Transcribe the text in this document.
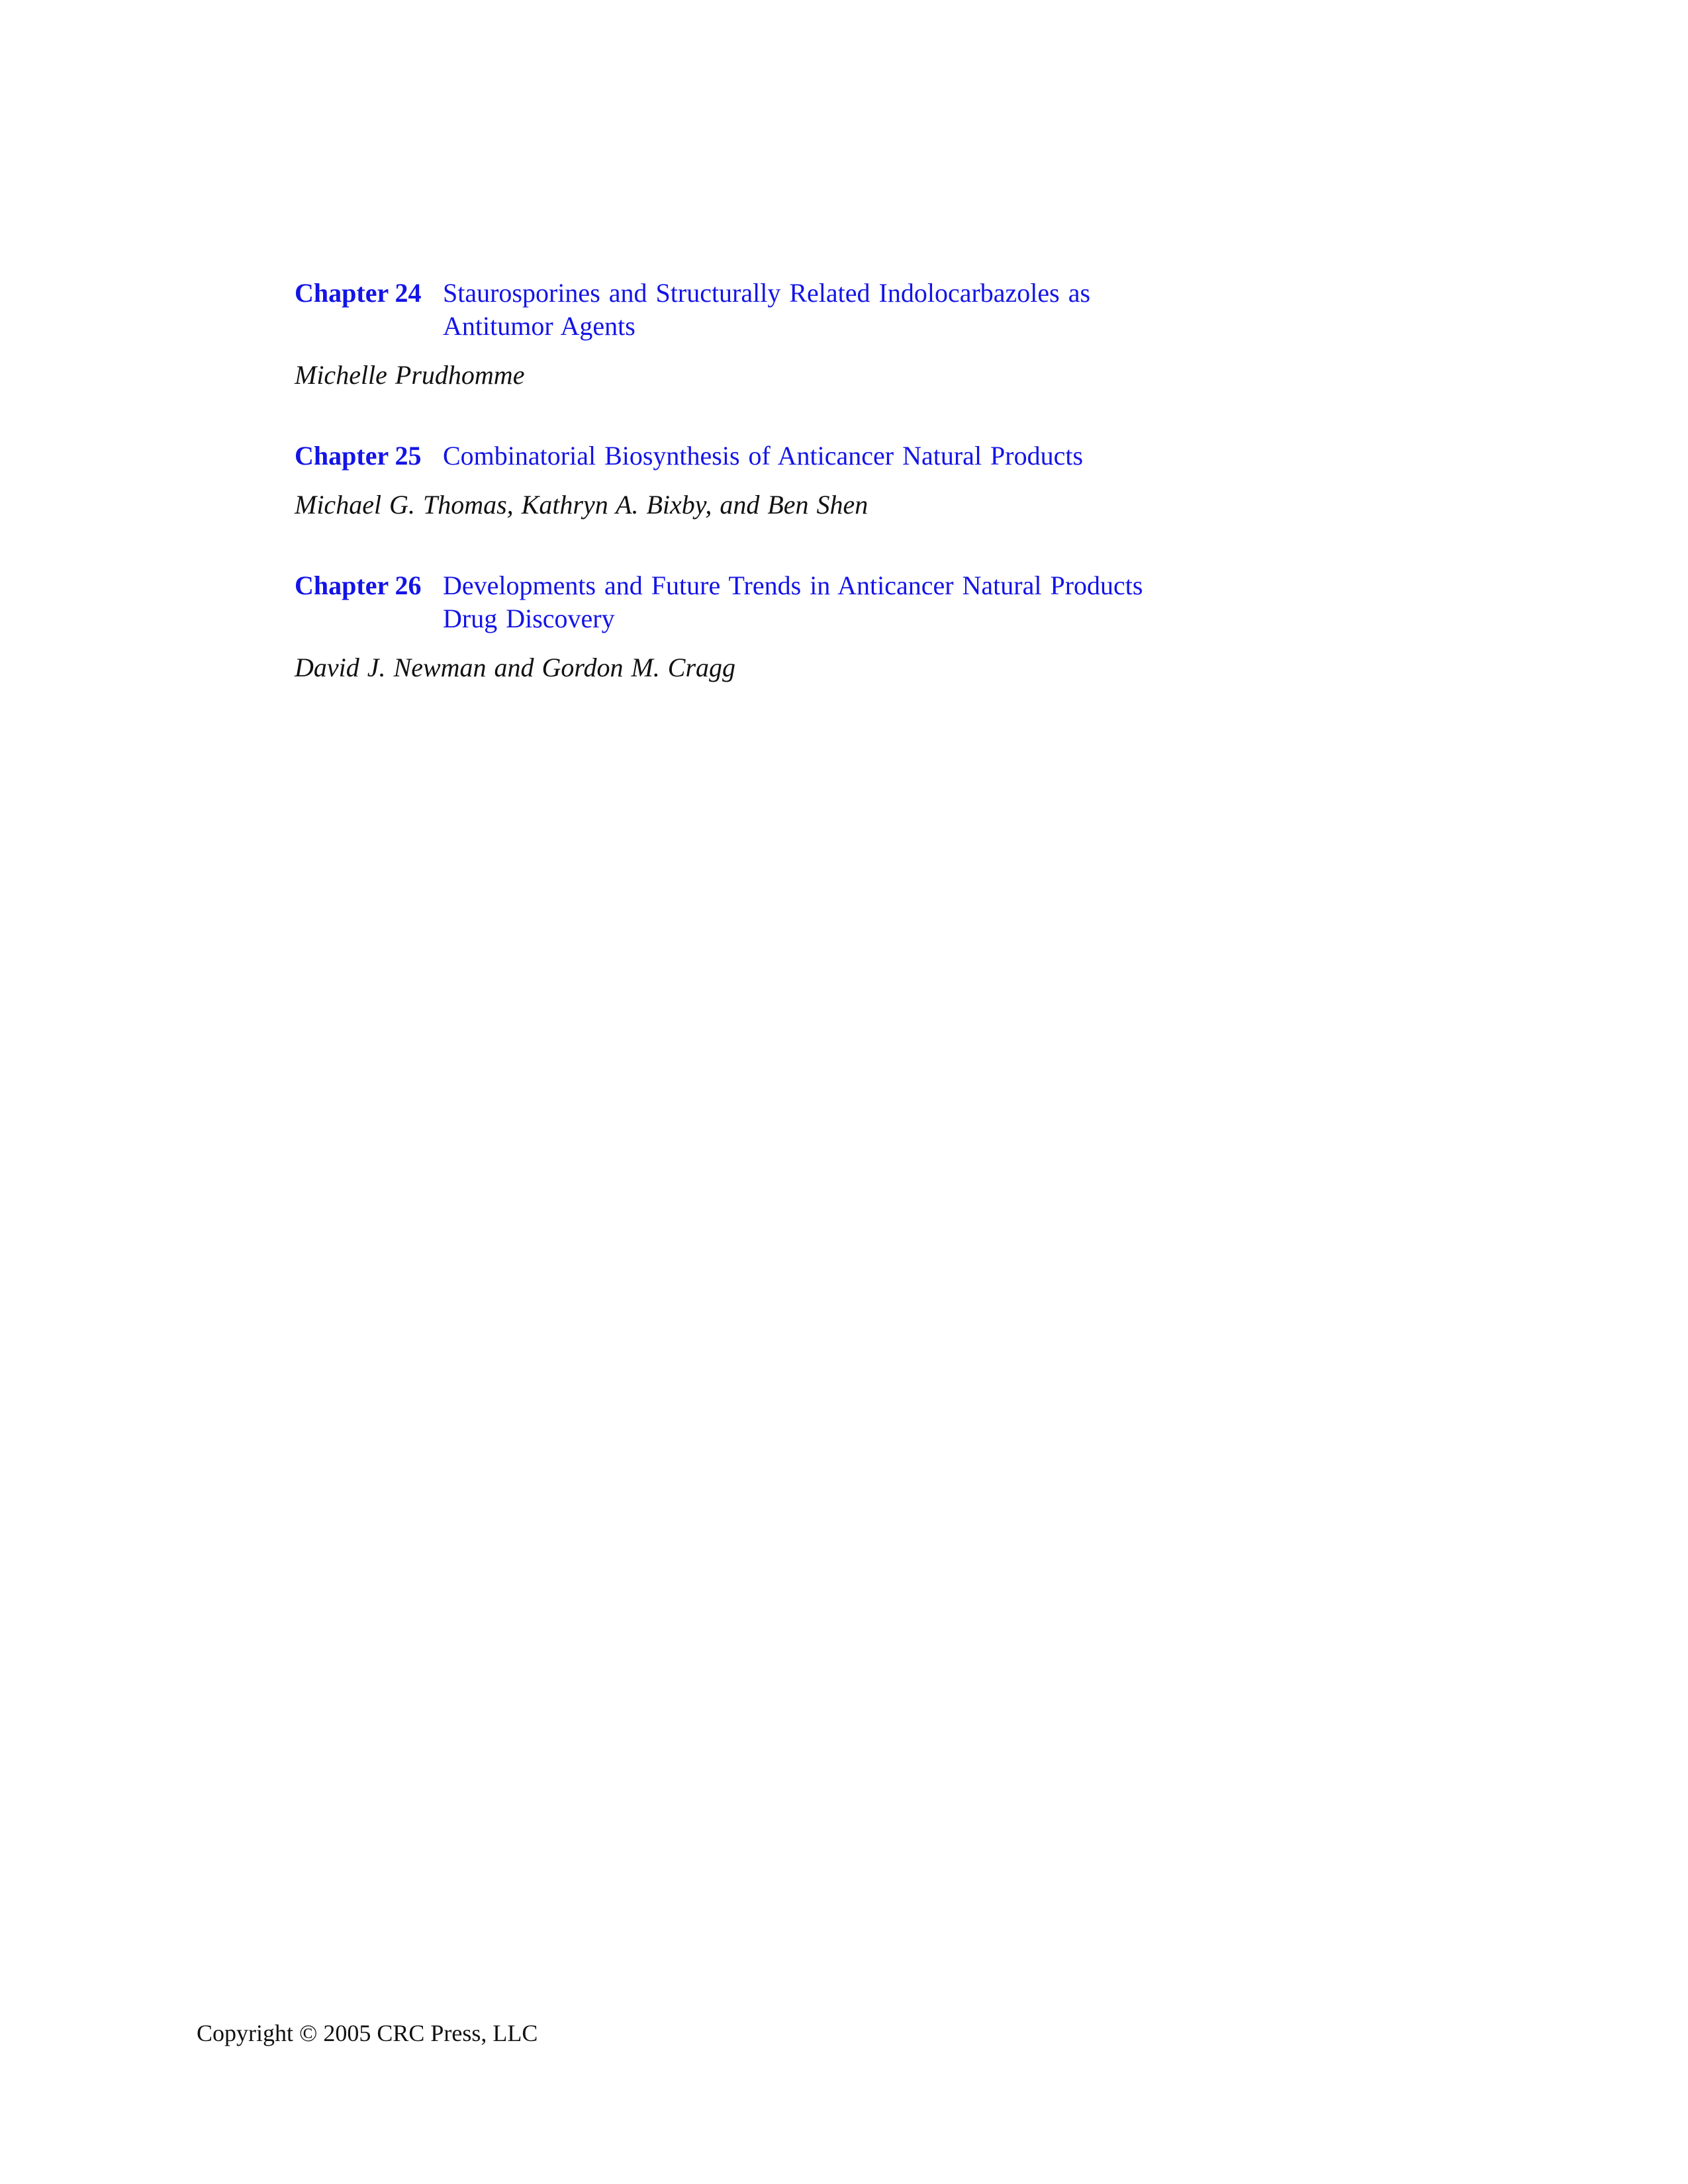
Chapter 24 Staurosporines and Structurally Related Indolocarbazoles as Antitumor Agents
Michelle Prudhomme
Chapter 25 Combinatorial Biosynthesis of Anticancer Natural Products
Michael G. Thomas, Kathryn A. Bixby, and Ben Shen
Chapter 26 Developments and Future Trends in Anticancer Natural Products Drug Discovery
David J. Newman and Gordon M. Cragg
Copyright © 2005 CRC Press, LLC
